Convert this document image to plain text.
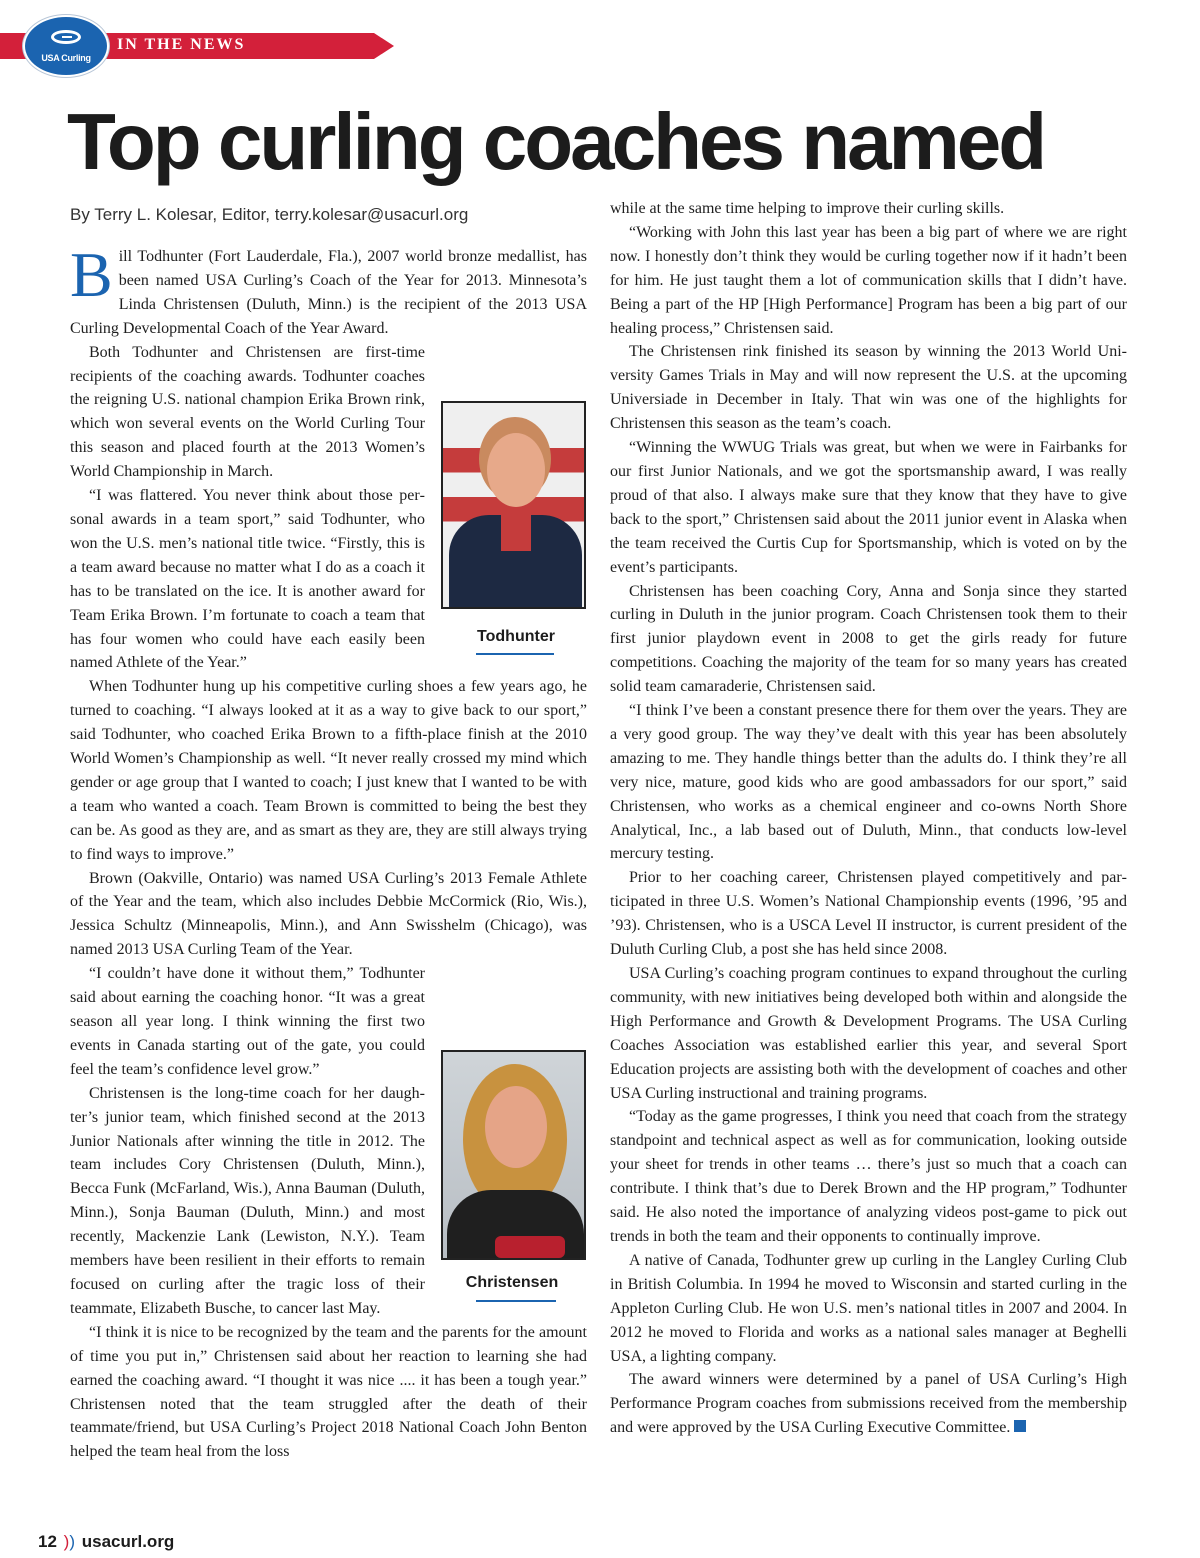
IN THE NEWS
USA Curling
Top curling coaches named
By Terry L. Kolesar, Editor, terry.kolesar@usacurl.org
Todhunter
Christensen

Bill Todhunter (Fort Lauderdale, Fla.), 2007 world bronze medallist, has been named USA Curling’s Coach of the Year for 2013. Minnesota’s Linda Christensen (Duluth, Minn.) is the recipient of the 2013 USA Curling Developmental Coach of the Year Award.

Both Todhunter and Christensen are first-time recipients of the coaching awards. Todhunter coaches the reigning U.S. national champion Erika Brown rink, which won several events on the World Curling Tour this season and placed fourth at the 2013 Women’s World Championship in March.

“I was flattered. You never think about those personal awards in a team sport,” said Todhunter, who won the U.S. men’s national title twice. “Firstly, this is a team award because no matter what I do as a coach it has to be translated on the ice. It is another award for Team Erika Brown. I’m fortunate to coach a team that has four women who could have each easily been named Athlete of the Year.”

When Todhunter hung up his competitive curling shoes a few years ago, he turned to coaching. “I always looked at it as a way to give back to our sport,” said Todhunter, who coached Erika Brown to a fifth-place finish at the 2010 World Women’s Championship as well. “It never really crossed my mind which gender or age group that I wanted to coach; I just knew that I wanted to be with a team who wanted a coach. Team Brown is committed to being the best they can be. As good as they are, and as smart as they are, they are still always trying to find ways to improve.”

Brown (Oakville, Ontario) was named USA Curling’s 2013 Female Athlete of the Year and the team, which also includes Debbie McCormick (Rio, Wis.), Jessica Schultz (Minneapolis, Minn.), and Ann Swisshelm (Chicago), was named 2013 USA Curling Team of the Year.

“I couldn’t have done it without them,” Todhunter said about earning the coaching honor. “It was a great season all year long. I think winning the first two events in Canada starting out of the gate, you could feel the team’s confidence level grow.”

Christensen is the long-time coach for her daughter’s junior team, which finished second at the 2013 Junior Nationals after winning the title in 2012. The team includes Cory Christensen (Duluth, Minn.), Becca Funk (McFarland, Wis.), Anna Bauman (Duluth, Minn.), Sonja Bauman (Duluth, Minn.) and most recently, Mackenzie Lank (Lewiston, N.Y.). Team members have been resilient in their efforts to remain focused on curling after the tragic loss of their teammate, Elizabeth Busche, to cancer last May.

“I think it is nice to be recognized by the team and the parents for the amount of time you put in,” Christensen said about her reaction to learning she had earned the coaching award. “I thought it was nice .... it has been a tough year.” Christensen noted that the team struggled after the death of their teammate/friend, but USA Curling’s Project 2018 National Coach John Benton helped the team heal from the loss

while at the same time helping to improve their curling skills.

“Working with John this last year has been a big part of where we are right now. I honestly don’t think they would be curling together now if it hadn’t been for him. He just taught them a lot of communication skills that I didn’t have. Being a part of the HP [High Performance] Program has been a big part of our healing process,” Christensen said.

The Christensen rink finished its season by winning the 2013 World University Games Trials in May and will now represent the U.S. at the upcoming Universiade in December in Italy. That win was one of the highlights for Christensen this season as the team’s coach.

“Winning the WWUG Trials was great, but when we were in Fairbanks for our first Junior Nationals, and we got the sportsmanship award, I was really proud of that also. I always make sure that they know that they have to give back to the sport,” Christensen said about the 2011 junior event in Alaska when the team received the Curtis Cup for Sportsmanship, which is voted on by the event’s participants.

Christensen has been coaching Cory, Anna and Sonja since they started curling in Duluth in the junior program. Coach Christensen took them to their first junior playdown event in 2008 to get the girls ready for future competitions. Coaching the majority of the team for so many years has created solid team camaraderie, Christensen said.

“I think I’ve been a constant presence there for them over the years. They are a very good group. The way they’ve dealt with this year has been absolutely amazing to me. They handle things better than the adults do. I think they’re all very nice, mature, good kids who are good ambassadors for our sport,” said Christensen, who works as a chemical engineer and co-owns North Shore Analytical, Inc., a lab based out of Duluth, Minn., that conducts low-level mercury testing.

Prior to her coaching career, Christensen played competitively and participated in three U.S. Women’s National Championship events (1996, ’95 and ’93). Christensen, who is a USCA Level II instructor, is current president of the Duluth Curling Club, a post she has held since 2008.

USA Curling’s coaching program continues to expand throughout the curling community, with new initiatives being developed both within and alongside the High Performance and Growth & Development Programs. The USA Curling Coaches Association was established earlier this year, and several Sport Education projects are assisting both with the development of coaches and other USA Curling instructional and training programs.

“Today as the game progresses, I think you need that coach from the strategy standpoint and technical aspect as well as for communication, looking outside your sheet for trends in other teams … there’s just so much that a coach can contribute. I think that’s due to Derek Brown and the HP program,” Todhunter said. He also noted the importance of analyzing videos post-game to pick out trends in both the team and their opponents to continually improve.

A native of Canada, Todhunter grew up curling in the Langley Curling Club in British Columbia. In 1994 he moved to Wisconsin and started curling in the Appleton Curling Club. He won U.S. men’s national titles in 2007 and 2004. In 2012 he moved to Florida and works as a national sales manager at Beghelli USA, a lighting company.

The award winners were determined by a panel of USA Curling’s High Performance Program coaches from submissions received from the membership and were approved by the USA Curling Executive Committee.

12 )) usacurl.org
